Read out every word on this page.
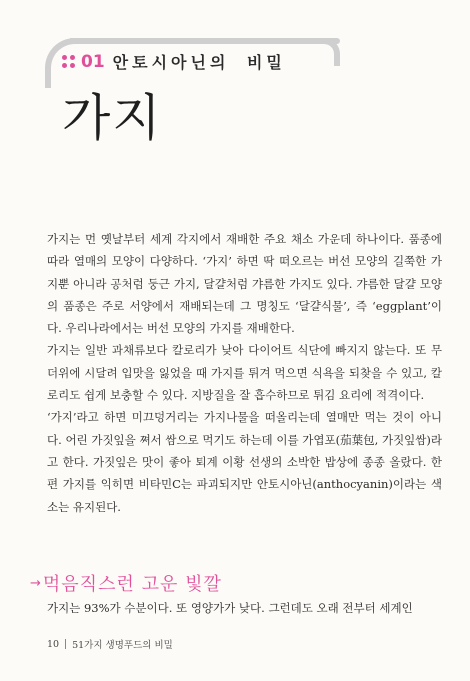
01 안토시아닌의 비밀
가지

가지는 먼 옛날부터 세계 각지에서 재배한 주요 채소 가운데 하나이다. 품종에 따라 열매의 모양이 다양하다. ‘가지’ 하면 딱 떠오르는 버선 모양의 길쭉한 가지뿐 아니라 공처럼 둥근 가지, 달걀처럼 갸름한 가지도 있다. 갸름한 달걀 모양의 품종은 주로 서양에서 재배되는데 그 명칭도 ‘달걀식물’, 즉 ‘eggplant’이다. 우리나라에서는 버선 모양의 가지를 재배한다.

가지는 일반 과채류보다 칼로리가 낮아 다이어트 식단에 빠지지 않는다. 또 무더위에 시달려 입맛을 잃었을 때 가지를 튀겨 먹으면 식욕을 되찾을 수 있고, 칼로리도 쉽게 보충할 수 있다. 지방질을 잘 흡수하므로 튀김 요리에 적격이다.

‘가지’라고 하면 미끄덩거리는 가지나물을 떠올리는데 열매만 먹는 것이 아니다. 어린 가짓잎을 쪄서 쌈으로 먹기도 하는데 이를 가엽포(茄葉包, 가짓잎쌈)라고 한다. 가짓잎은 맛이 좋아 퇴계 이황 선생의 소박한 밥상에 종종 올랐다. 한편 가지를 익히면 비타민C는 파괴되지만 안토시아닌(anthocyanin)이라는 색소는 유지된다.

→ 먹음직스런 고운 빛깔
가지는 93%가 수분이다. 또 영양가가 낮다. 그런데도 오래 전부터 세계인
10 51가지 생명푸드의 비밀
